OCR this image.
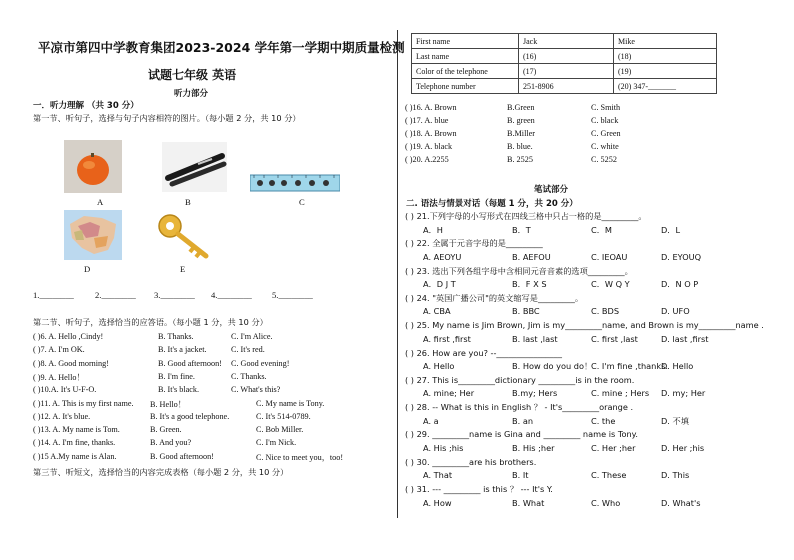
平凉市第四中学教育集团2023-2024 学年第一学期中期质量检测
试题七年级 英语
听力部分
一．听力理解 （共 30 分）
第一节、听句子，选择与句子内容相符的图片。（每小题 2 分，共 10 分）
A	B	C
D	E
1.________ 2.________ 3.________ 4.________ 5.________
第二节、听句子，选择恰当的应答语。（每小题 1 分，共 10 分）
( )6. A. Hello ,Cindy!	B. Thanks.	C. I'm Alice.
( )7. A. I'm OK.	B. It's a jacket.	C. It's red.
( )8. A. Good morning!	B. Good afternoon! C. Good evening!
( )9. A. Hello！	B. I'm fine.	C. Thanks.
( )10.A. It's U-F-O.	B. It's black.	C. What's this?
( )11. A. This is my first name. B. Hello！	C. My name is Tony.
( )12. A. It's blue.	B. It's a good telephone.	C. It's 514-0789.
( )13. A. My name is Tom.	B. Green.	C. Bob Miller.
( )14. A. I'm fine, thanks.	B. And you?	C. I'm Nick.
( )15 A.My name is Alan.	B. Good afternoon!	C. Nice to meet you，too!
第三节、听短文，选择恰当的内容完成表格（每小题 2 分，共 10 分）
First name	Jack	Mike
Last name	(16)	(18)
Color of the telephone	(17)	(19)
Telephone number	251-8906	(20) 347-_______
( )16. A. Brown	B.Green	C. Smith
( )17. A. blue	B. green	C. black
( )18. A. Brown	B.Miller	C. Green
( )19. A. black	B. blue.	C. white
( )20. A.2255	B. 2525	C. 5252
笔试部分
二. 语法与情景对话（每题 1 分，共 20 分）
( ) 21.下列字母的小写形式在四线三格中只占一格的是_________。
A．H	B．T	C．M	D．L
( ) 22. 全属于元音字母的是_________
A. AEOYU	B. AEFOU	C. IEOAU	D. EYOUQ
( ) 23. 选出下列各组字母中含相同元音音素的选项_________。
A．D J T	B．F X S	C．W Q Y	D．N O P
( ) 24. "英国广播公司"的英文缩写是_________。
A. CBA	B. BBC	C. BDS	D. UFO
( ) 25. My name is Jim Brown, Jim is my_________name, and Brown is my_________name .
A. first ,first	B. last ,last	C. first ,last	D. last ,first
( ) 26. How are you? --________________
A. Hello	B. How do you do！
C. I'm fine ,thanks.
D. Hello
( ) 27. This is_________dictionary _________is in the room.
A. mine; Her	B.my; Hers	C. mine ; Hers D. my; Her
( ) 28. -- What is this in English ？ - It's_________orange .
A. a	B. an	C. the	D. 不填
( ) 29. _________name is Gina and _________ name is Tony.
A. His ;his	B. His ;her	C. Her ;her	D. Her ;his
( ) 30. _________are his brothers.
A. That	B. It	C. These	D. This
( ) 31. --- _________ is this ？ --- It's Y.
A. How	B. What	C. Who	D. What's
